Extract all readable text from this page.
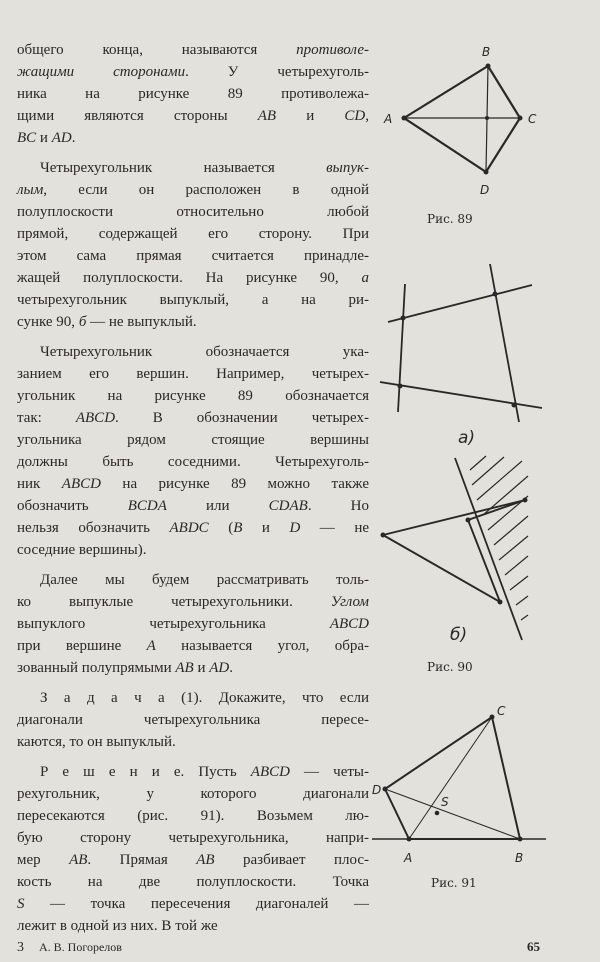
общего конца, называются противоле-
жащими сторонами. У четырехуголь-
ника на рисунке 89 противолежа-
щими являются стороны AB и CD,
BC и AD.
Четырехугольник называется выпук-
лым, если он расположен в одной
полуплоскости относительно любой
прямой, содержащей его сторону. При
этом сама прямая считается принадле-
жащей полуплоскости. На рисунке 90, а
четырехугольник выпуклый, а на ри-
сунке 90, б — не выпуклый.
Четырехугольник обозначается ука-
занием его вершин. Например, четырех-
угольник на рисунке 89 обозначается
так: ABCD. В обозначении четырех-
угольника рядом стоящие вершины
должны быть соседними. Четырехуголь-
ник ABCD на рисунке 89 можно также
обозначить BCDA или CDAB. Но
нельзя обозначить ABDC (B и D — не
соседние вершины).
Далее мы будем рассматривать толь-
ко выпуклые четырехугольники. Углом
выпуклого четырехугольника ABCD
при вершине A называется угол, обра-
зованный полупрямыми AB и AD.
З а д а ч а (1). Докажите, что если
диагонали четырехугольника пересе-
каются, то он выпуклый.
Р е ш е н и е. Пусть ABCD — четы-
рехугольник, у которого диагонали
пересекаются (рис. 91). Возьмем лю-
бую сторону четырехугольника, напри-
мер AB. Прямая AB разбивает плос-
кость на две полуплоскости. Точка
S — точка пересечения диагоналей —
лежит в одной из них. В той же
A
B
C
D
A	B
C
D
S
Рис. 89
а)
б)
Рис. 90
Рис. 91
3 А. В. Погорелов	65
